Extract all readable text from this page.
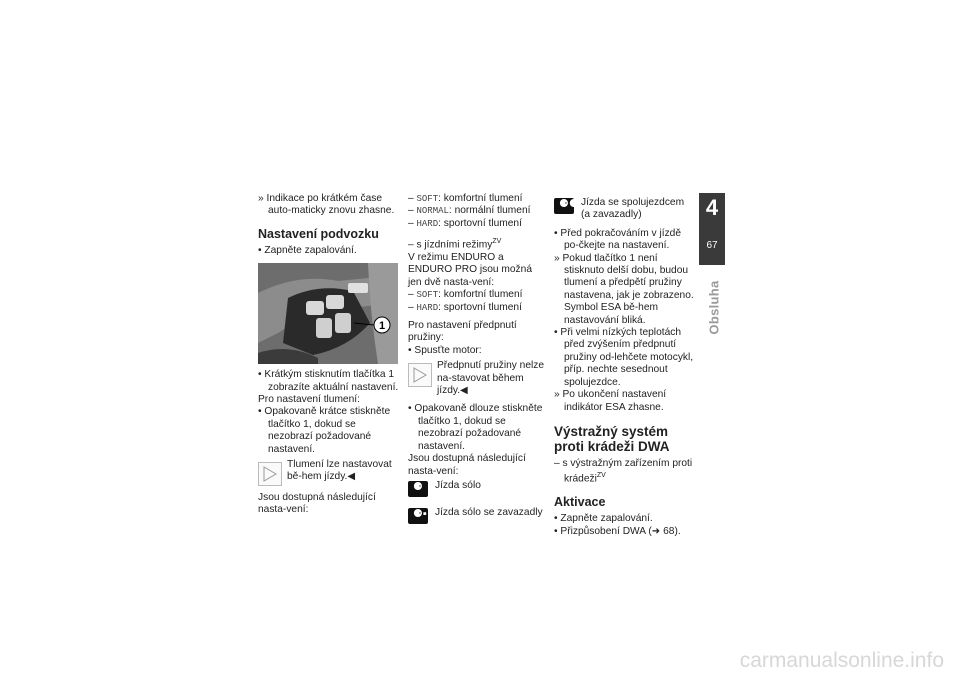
» Indikace po krátkém čase auto-maticky znovu zhasne.
Nastavení podvozku
• Zapněte zapalování.
1
• Krátkým stisknutím tlačítka 1 zobrazíte aktuální nastavení.
Pro nastavení tlumení:
• Opakovaně krátce stiskněte tlačítko 1, dokud se nezobrazí požadované nastavení.
Tlumení lze nastavovat bě-hem jízdy.◀
Jsou dostupná následující nasta-vení:
– SOFT: komfortní tlumení
– NORMAL: normální tlumení
– HARD: sportovní tlumení
– s jízdními režimy$^{ZV}$
V režimu ENDURO a ENDURO PRO jsou možná jen dvě nasta-vení:
– SOFT: komfortní tlumení
– HARD: sportovní tlumení
Pro nastavení předpnutí pružiny:
• Spusťte motor:
Předpnutí pružiny nelze na-stavovat během jízdy.◀
• Opakovaně dlouze stiskněte tlačítko 1, dokud se nezobrazí požadované nastavení.
Jsou dostupná následující nasta-vení:
⚈ Jízda sólo
⚈▪ Jízda sólo se zavazadly
⚈⚈ Jízda se spolujezdcem (a zavazadly)
• Před pokračováním v jízdě po-čkejte na nastavení.
» Pokud tlačítko 1 není stisknuto delší dobu, budou tlumení a předpětí pružiny nastavena, jak je zobrazeno. Symbol ESA bě-hem nastavování bliká.
• Při velmi nízkých teplotách před zvýšením předpnutí pružiny od-lehčete motocykl, příp. nechte sesednout spolujezdce.
» Po ukončení nastavení indikátor ESA zhasne.
Výstražný systém proti krádeži DWA
– s výstražným zařízením proti krádeži$^{ZV}$
Aktivace
• Zapněte zapalování.
• Přizpůsobení DWA (➜ 68).
4
67
Obsluha
carmanualsonline.info
